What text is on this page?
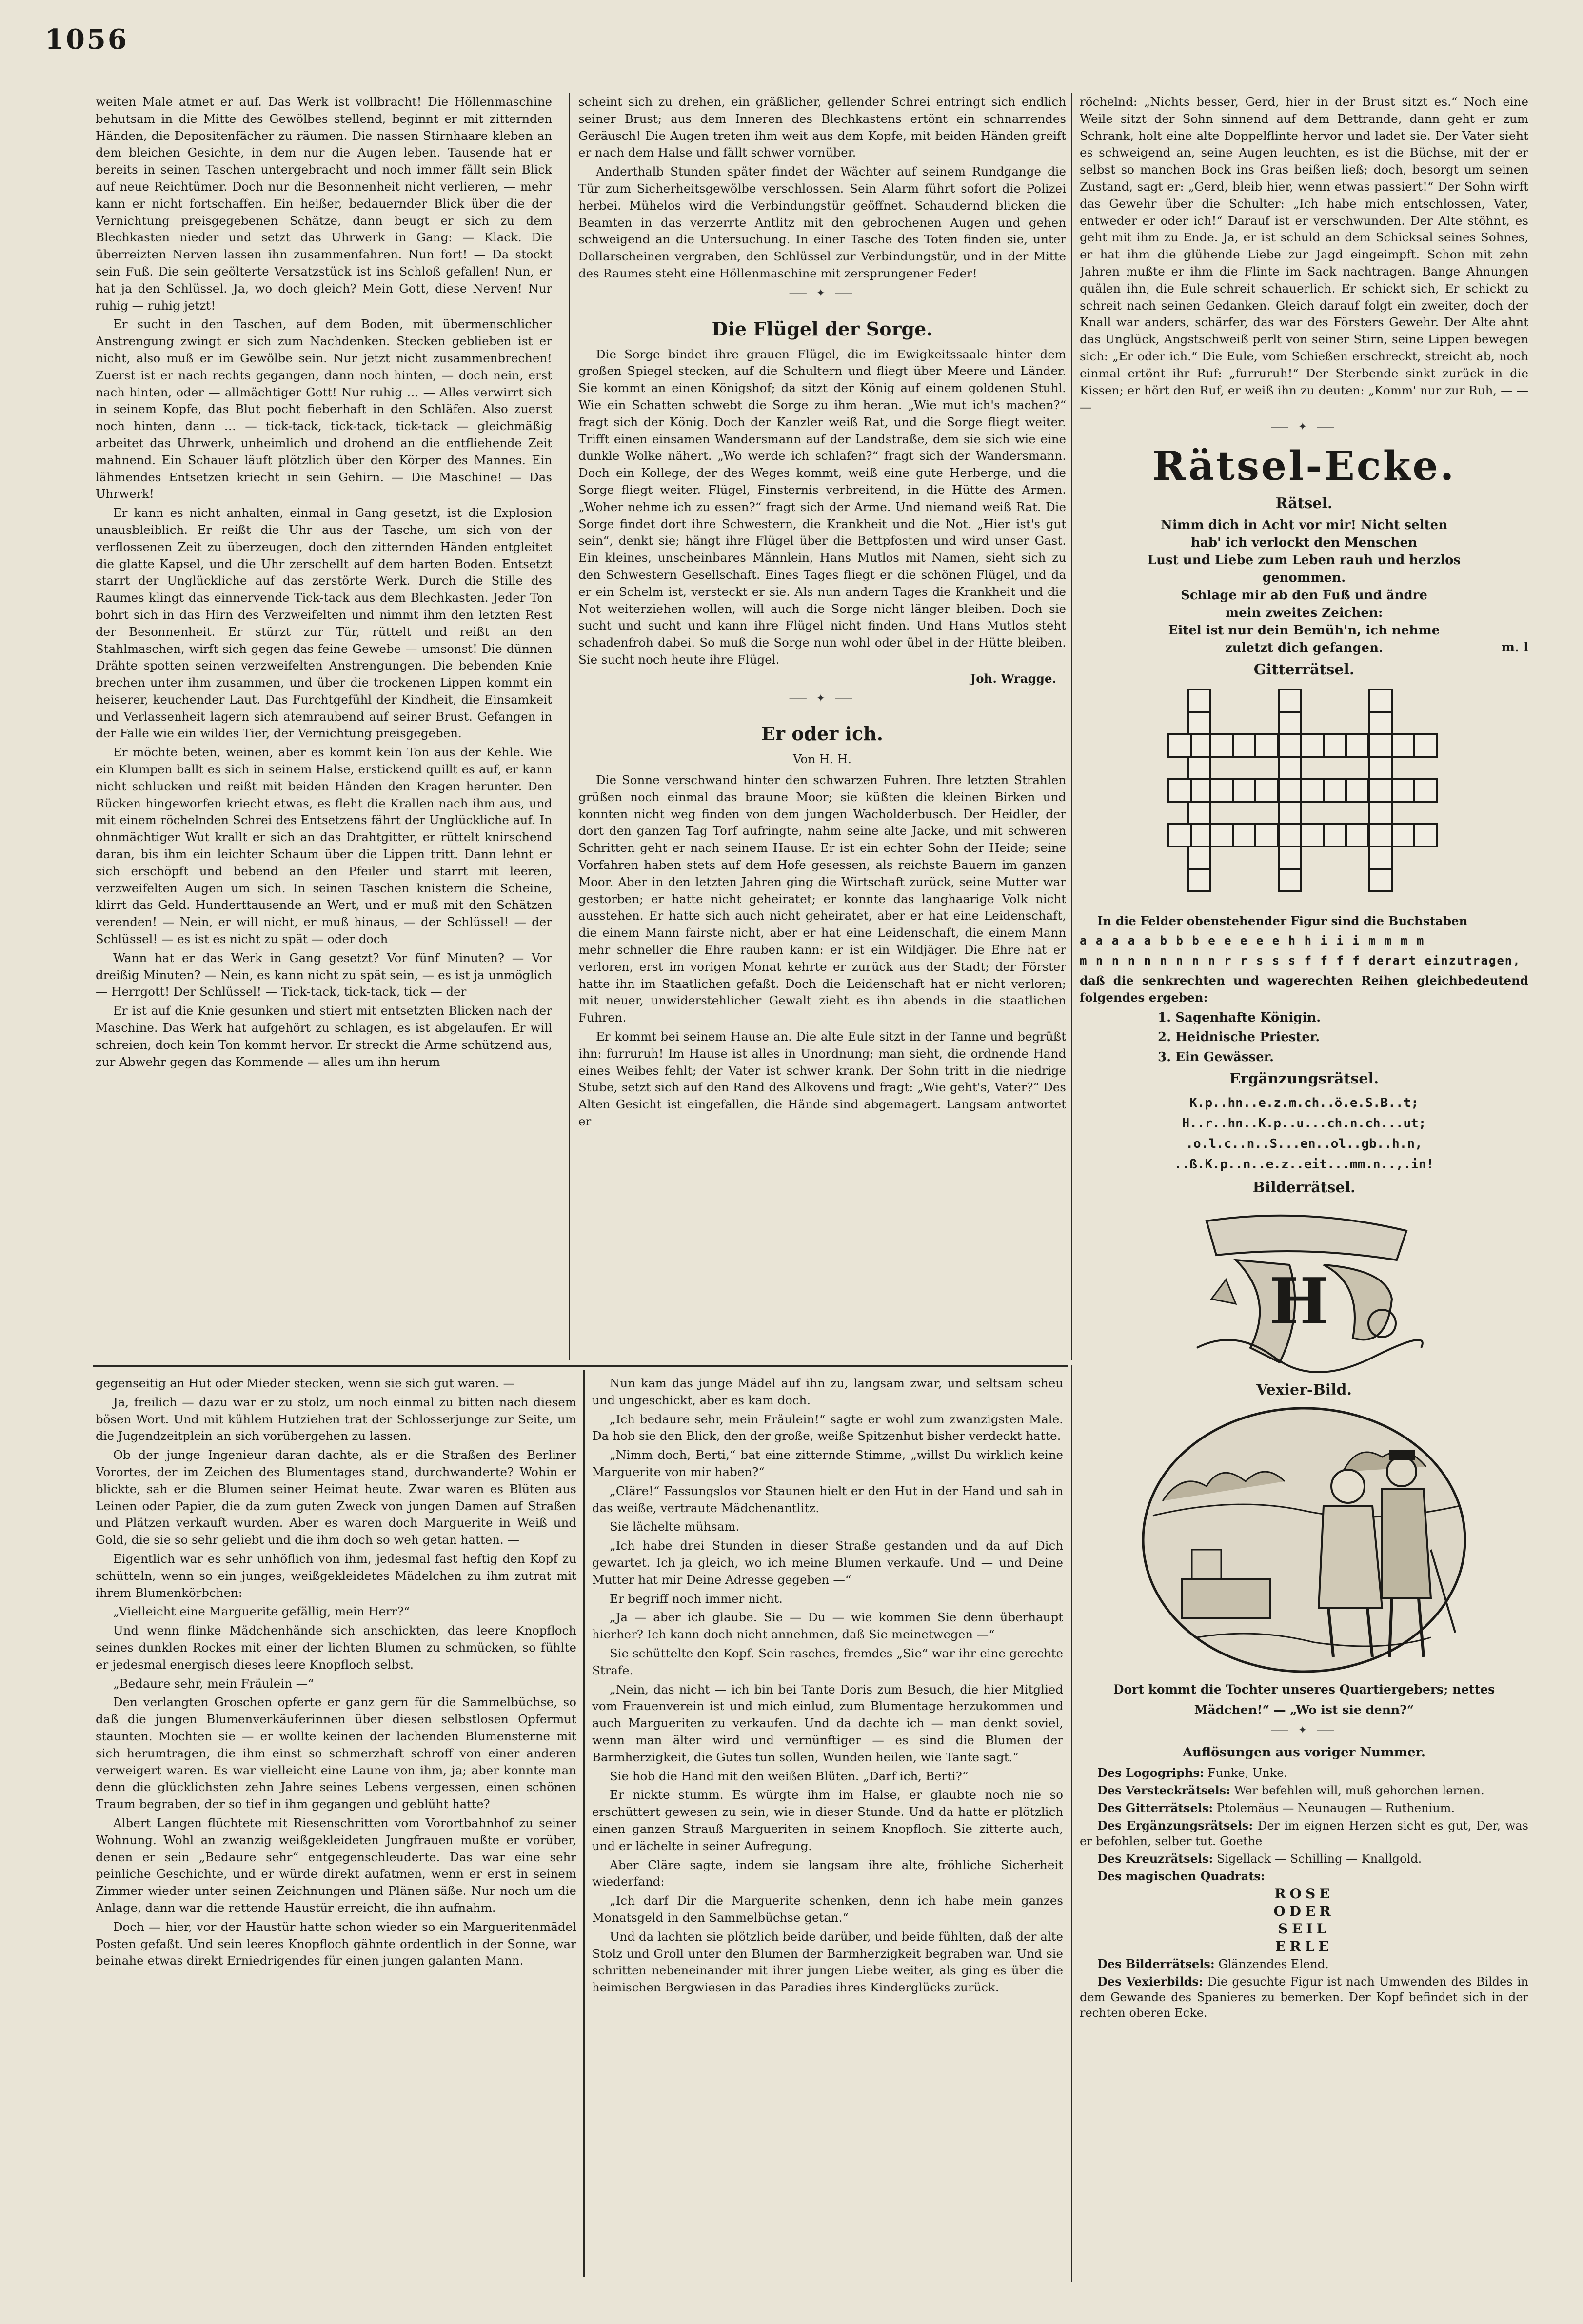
1056

weiten Male atmet er auf. Das Werk ist vollbracht! Die Höllenmaschine behutsam in die Mitte des Gewölbes stellend, beginnt er mit zitternden Händen, die Depositenfächer zu räumen. Die nassen Stirnhaare kleben an dem bleichen Gesichte, in dem nur die Augen leben. Tausende hat er bereits in seinen Taschen untergebracht und noch immer fällt sein Blick auf neue Reichtümer. Doch nur die Besonnenheit nicht verlieren, — mehr kann er nicht fortschaffen. Ein heißer, bedauernder Blick über die der Vernichtung preisgegebenen Schätze, dann beugt er sich zu dem Blechkasten nieder und setzt das Uhrwerk in Gang: — Klack. Die überreizten Nerven lassen ihn zusammenfahren. Nun fort! — Da stockt sein Fuß. Die sein geölterte Versatzstück ist ins Schloß gefallen! Nun, er hat ja den Schlüssel. Ja, wo doch gleich? Mein Gott, diese Nerven! Nur ruhig — ruhig jetzt!

Er sucht in den Taschen, auf dem Boden, mit übermenschlicher Anstrengung zwingt er sich zum Nachdenken. Stecken geblieben ist er nicht, also muß er im Gewölbe sein. Nur jetzt nicht zusammenbrechen! Zuerst ist er nach rechts gegangen, dann noch hinten, — doch nein, erst nach hinten, oder — allmächtiger Gott! Nur ruhig … — Alles verwirrt sich in seinem Kopfe, das Blut pocht fieberhaft in den Schläfen. Also zuerst noch hinten, dann … — tick-tack, tick-tack, tick-tack — gleichmäßig arbeitet das Uhrwerk, unheimlich und drohend an die entfliehende Zeit mahnend. Ein Schauer läuft plötzlich über den Körper des Mannes. Ein lähmendes Entsetzen kriecht in sein Gehirn. — Die Maschine! — Das Uhrwerk!

Er kann es nicht anhalten, einmal in Gang gesetzt, ist die Explosion unausbleiblich. Er reißt die Uhr aus der Tasche, um sich von der verflossenen Zeit zu überzeugen, doch den zitternden Händen entgleitet die glatte Kapsel, und die Uhr zerschellt auf dem harten Boden. Entsetzt starrt der Unglückliche auf das zerstörte Werk. Durch die Stille des Raumes klingt das einnervende Tick-tack aus dem Blechkasten. Jeder Ton bohrt sich in das Hirn des Verzweifelten und nimmt ihm den letzten Rest der Besonnenheit. Er stürzt zur Tür, rüttelt und reißt an den Stahlmaschen, wirft sich gegen das feine Gewebe — umsonst! Die dünnen Drähte spotten seinen verzweifelten Anstrengungen. Die bebenden Knie brechen unter ihm zusammen, und über die trockenen Lippen kommt ein heiserer, keuchender Laut. Das Furchtgefühl der Kindheit, die Einsamkeit und Verlassenheit lagern sich atemraubend auf seiner Brust. Gefangen in der Falle wie ein wildes Tier, der Vernichtung preisgegeben.

Er möchte beten, weinen, aber es kommt kein Ton aus der Kehle. Wie ein Klumpen ballt es sich in seinem Halse, erstickend quillt es auf, er kann nicht schlucken und reißt mit beiden Händen den Kragen herunter. Den Rücken hingeworfen kriecht etwas, es fleht die Krallen nach ihm aus, und mit einem röchelnden Schrei des Entsetzens fährt der Unglückliche auf. In ohnmächtiger Wut krallt er sich an das Drahtgitter, er rüttelt knirschend daran, bis ihm ein leichter Schaum über die Lippen tritt. Dann lehnt er sich erschöpft und bebend an den Pfeiler und starrt mit leeren, verzweifelten Augen um sich. In seinen Taschen knistern die Scheine, klirrt das Geld. Hunderttausende an Wert, und er muß mit den Schätzen verenden! — Nein, er will nicht, er muß hinaus, — der Schlüssel! — der Schlüssel! — es ist es nicht zu spät — oder doch

Wann hat er das Werk in Gang gesetzt? Vor fünf Minuten? — Vor dreißig Minuten? — Nein, es kann nicht zu spät sein, — es ist ja unmöglich — Herrgott! Der Schlüssel! — Tick-tack, tick-tack, tick — der

Er ist auf die Knie gesunken und stiert mit entsetzten Blicken nach der Maschine. Das Werk hat aufgehört zu schlagen, es ist abgelaufen. Er will schreien, doch kein Ton kommt hervor. Er streckt die Arme schützend aus, zur Abwehr gegen das Kommende — alles um ihn herum

scheint sich zu drehen, ein gräßlicher, gellender Schrei entringt sich endlich seiner Brust; aus dem Inneren des Blechkastens ertönt ein schnarrendes Geräusch! Die Augen treten ihm weit aus dem Kopfe, mit beiden Händen greift er nach dem Halse und fällt schwer vornüber.

Anderthalb Stunden später findet der Wächter auf seinem Rundgange die Tür zum Sicherheitsgewölbe verschlossen. Sein Alarm führt sofort die Polizei herbei. Mühelos wird die Verbindungstür geöffnet. Schaudernd blicken die Beamten in das verzerrte Antlitz mit den gebrochenen Augen und gehen schweigend an die Untersuchung. In einer Tasche des Toten finden sie, unter Dollarscheinen vergraben, den Schlüssel zur Verbindungstür, und in der Mitte des Raumes steht eine Höllenmaschine mit zersprungener Feder!

⸺ ✦ ⸺
Die Flügel der Sorge.

Die Sorge bindet ihre grauen Flügel, die im Ewigkeitssaale hinter dem großen Spiegel stecken, auf die Schultern und fliegt über Meere und Länder. Sie kommt an einen Königshof; da sitzt der König auf einem goldenen Stuhl. Wie ein Schatten schwebt die Sorge zu ihm heran. „Wie mut ich's machen?“ fragt sich der König. Doch der Kanzler weiß Rat, und die Sorge fliegt weiter. Trifft einen einsamen Wandersmann auf der Landstraße, dem sie sich wie eine dunkle Wolke nähert. „Wo werde ich schlafen?“ fragt sich der Wandersmann. Doch ein Kollege, der des Weges kommt, weiß eine gute Herberge, und die Sorge fliegt weiter. Flügel, Finsternis verbreitend, in die Hütte des Armen. „Woher nehme ich zu essen?“ fragt sich der Arme. Und niemand weiß Rat. Die Sorge findet dort ihre Schwestern, die Krankheit und die Not. „Hier ist's gut sein“, denkt sie; hängt ihre Flügel über die Bettpfosten und wird unser Gast. Ein kleines, unscheinbares Männlein, Hans Mutlos mit Namen, sieht sich zu den Schwestern Gesellschaft. Eines Tages fliegt er die schönen Flügel, und da er ein Schelm ist, versteckt er sie. Als nun andern Tages die Krankheit und die Not weiterziehen wollen, will auch die Sorge nicht länger bleiben. Doch sie sucht und sucht und kann ihre Flügel nicht finden. Und Hans Mutlos steht schadenfroh dabei. So muß die Sorge nun wohl oder übel in der Hütte bleiben. Sie sucht noch heute ihre Flügel.

Joh. Wragge.
⸺ ✦ ⸺
Er oder ich.
Von H. H.

Die Sonne verschwand hinter den schwarzen Fuhren. Ihre letzten Strahlen grüßen noch einmal das braune Moor; sie küßten die kleinen Birken und konnten nicht weg finden von dem jungen Wacholderbusch. Der Heidler, der dort den ganzen Tag Torf aufringte, nahm seine alte Jacke, und mit schweren Schritten geht er nach seinem Hause. Er ist ein echter Sohn der Heide; seine Vorfahren haben stets auf dem Hofe gesessen, als reichste Bauern im ganzen Moor. Aber in den letzten Jahren ging die Wirtschaft zurück, seine Mutter war gestorben; er hatte nicht geheiratet; er konnte das langhaarige Volk nicht ausstehen. Er hatte sich auch nicht geheiratet, aber er hat eine Leidenschaft, die einem Mann fairste nicht, aber er hat eine Leidenschaft, die einem Mann mehr schneller die Ehre rauben kann: er ist ein Wildjäger. Die Ehre hat er verloren, erst im vorigen Monat kehrte er zurück aus der Stadt; der Förster hatte ihn im Staatlichen gefaßt. Doch die Leidenschaft hat er nicht verloren; mit neuer, unwiderstehlicher Gewalt zieht es ihn abends in die staatlichen Fuhren.

Er kommt bei seinem Hause an. Die alte Eule sitzt in der Tanne und begrüßt ihn: furruruh! Im Hause ist alles in Unordnung; man sieht, die ordnende Hand eines Weibes fehlt; der Vater ist schwer krank. Der Sohn tritt in die niedrige Stube, setzt sich auf den Rand des Alkovens und fragt: „Wie geht's, Vater?“ Des Alten Gesicht ist eingefallen, die Hände sind abgemagert. Langsam antwortet er

röchelnd: „Nichts besser, Gerd, hier in der Brust sitzt es.“ Noch eine Weile sitzt der Sohn sinnend auf dem Bettrande, dann geht er zum Schrank, holt eine alte Doppelflinte hervor und ladet sie. Der Vater sieht es schweigend an, seine Augen leuchten, es ist die Büchse, mit der er selbst so manchen Bock ins Gras beißen ließ; doch, besorgt um seinen Zustand, sagt er: „Gerd, bleib hier, wenn etwas passiert!“ Der Sohn wirft das Gewehr über die Schulter: „Ich habe mich entschlossen, Vater, entweder er oder ich!“ Darauf ist er verschwunden. Der Alte stöhnt, es geht mit ihm zu Ende. Ja, er ist schuld an dem Schicksal seines Sohnes, er hat ihm die glühende Liebe zur Jagd eingeimpft. Schon mit zehn Jahren mußte er ihm die Flinte im Sack nachtragen. Bange Ahnungen quälen ihn, die Eule schreit schauerlich. Er schickt sich, Er schickt zu schreit nach seinen Gedanken. Gleich darauf folgt ein zweiter, doch der Knall war anders, schärfer, das war des Försters Gewehr. Der Alte ahnt das Unglück, Angstschweiß perlt von seiner Stirn, seine Lippen bewegen sich: „Er oder ich.“ Die Eule, vom Schießen erschreckt, streicht ab, noch einmal ertönt ihr Ruf: „furruruh!“ Der Sterbende sinkt zurück in die Kissen; er hört den Ruf, er weiß ihn zu deuten: „Komm' nur zur Ruh, — — —

⸺ ✦ ⸺
Rätsel-Ecke.
Rätsel.
Nimm dich in Acht vor mir! Nicht selten
hab' ich verlockt den Menschen
Lust und Liebe zum Leben rauh und herzlos
genommen.
Schlage mir ab den Fuß und ändre
mein zweites Zeichen:
Eitel ist nur dein Bemüh'n, ich nehme
zuletzt dich gefangen.	m. l
Gitterrätsel.

In die Felder obenstehender Figur sind die Buchstaben

a a a a a b b b e e e e e h h i i i m m m m
m n n n n n n n n r r s s s f f f f derart einzutragen,

daß die senkrechten und wagerechten Reihen gleichbedeutend folgendes ergeben:

1. Sagenhafte Königin.
2. Heidnische Priester.
3. Ein Gewässer.
Ergänzungsrätsel.
K.p..hn..e.z.m.ch..ö.e.S.B..t;
H..r..hn..K.p..u...ch.n.ch...ut;
.o.l.c..n..S...en..ol..gb..h.n,
..ß.K.p..n..e.z..eit...mm.n..,.in!
Bilderrätsel.
H
Vexier-Bild.
Dort kommt die Tochter unseres Quartiergebers; nettes
Mädchen!“ — „Wo ist sie denn?“
⸺ ✦ ⸺
Auflösungen aus voriger Nummer.

Des Logogriphs: Funke, Unke.

Des Versteckrätsels: Wer befehlen will, muß gehorchen lernen.

Des Gitterrätsels: Ptolemäus — Neunaugen — Ruthenium.

Des Ergänzungsrätsels: Der im eignen Herzen sicht es gut, Der, was er befohlen, selber tut. Goethe

Des Kreuzrätsels: Sigellack — Schilling — Knallgold.

Des magischen Quadrats:

ROSE
ODER
SEIL
ERLE

Des Bilderrätsels: Glänzendes Elend.

Des Vexierbilds: Die gesuchte Figur ist nach Umwenden des Bildes in dem Gewande des Spanieres zu bemerken. Der Kopf befindet sich in der rechten oberen Ecke.

gegenseitig an Hut oder Mieder stecken, wenn sie sich gut waren. —

Ja, freilich — dazu war er zu stolz, um noch einmal zu bitten nach diesem bösen Wort. Und mit kühlem Hutziehen trat der Schlosserjunge zur Seite, um die Jugendzeitplein an sich vorübergehen zu lassen.

Ob der junge Ingenieur daran dachte, als er die Straßen des Berliner Vorortes, der im Zeichen des Blumentages stand, durchwanderte? Wohin er blickte, sah er die Blumen seiner Heimat heute. Zwar waren es Blüten aus Leinen oder Papier, die da zum guten Zweck von jungen Damen auf Straßen und Plätzen verkauft wurden. Aber es waren doch Marguerite in Weiß und Gold, die sie so sehr geliebt und die ihm doch so weh getan hatten. —

Eigentlich war es sehr unhöflich von ihm, jedesmal fast heftig den Kopf zu schütteln, wenn so ein junges, weißgekleidetes Mädelchen zu ihm zutrat mit ihrem Blumenkörbchen:

„Vielleicht eine Marguerite gefällig, mein Herr?“

Und wenn flinke Mädchenhände sich anschickten, das leere Knopfloch seines dunklen Rockes mit einer der lichten Blumen zu schmücken, so fühlte er jedesmal energisch dieses leere Knopfloch selbst.

„Bedaure sehr, mein Fräulein —“

Den verlangten Groschen opferte er ganz gern für die Sammelbüchse, so daß die jungen Blumenverkäuferinnen über diesen selbstlosen Opfermut staunten. Mochten sie — er wollte keinen der lachenden Blumensterne mit sich herumtragen, die ihm einst so schmerzhaft schroff von einer anderen verweigert waren. Es war vielleicht eine Laune von ihm, ja; aber konnte man denn die glücklichsten zehn Jahre seines Lebens vergessen, einen schönen Traum begraben, der so tief in ihm gegangen und geblüht hatte?

Albert Langen flüchtete mit Riesenschritten vom Vorortbahnhof zu seiner Wohnung. Wohl an zwanzig weißgekleideten Jungfrauen mußte er vorüber, denen er sein „Bedaure sehr“ entgegenschleuderte. Das war eine sehr peinliche Geschichte, und er würde direkt aufatmen, wenn er erst in seinem Zimmer wieder unter seinen Zeichnungen und Plänen säße. Nur noch um die Anlage, dann war die rettende Haustür erreicht, die ihn aufnahm.

Doch — hier, vor der Haustür hatte schon wieder so ein Margueritenmädel Posten gefaßt. Und sein leeres Knopfloch gähnte ordentlich in der Sonne, war beinahe etwas direkt Erniedrigendes für einen jungen galanten Mann.

Nun kam das junge Mädel auf ihn zu, langsam zwar, und seltsam scheu und ungeschickt, aber es kam doch.

„Ich bedaure sehr, mein Fräulein!“ sagte er wohl zum zwanzigsten Male. Da hob sie den Blick, den der große, weiße Spitzenhut bisher verdeckt hatte.

„Nimm doch, Berti,“ bat eine zitternde Stimme, „willst Du wirklich keine Marguerite von mir haben?“

„Cläre!“ Fassungslos vor Staunen hielt er den Hut in der Hand und sah in das weiße, vertraute Mädchenantlitz.

Sie lächelte mühsam.

„Ich habe drei Stunden in dieser Straße gestanden und da auf Dich gewartet. Ich ja gleich, wo ich meine Blumen verkaufe. Und — und Deine Mutter hat mir Deine Adresse gegeben —“

Er begriff noch immer nicht.

„Ja — aber ich glaube. Sie — Du — wie kommen Sie denn überhaupt hierher? Ich kann doch nicht annehmen, daß Sie meinetwegen —“

Sie schüttelte den Kopf. Sein rasches, fremdes „Sie“ war ihr eine gerechte Strafe.

„Nein, das nicht — ich bin bei Tante Doris zum Besuch, die hier Mitglied vom Frauenverein ist und mich einlud, zum Blumentage herzukommen und auch Margueriten zu verkaufen. Und da dachte ich — man denkt soviel, wenn man älter wird und vernünftiger — es sind die Blumen der Barmherzigkeit, die Gutes tun sollen, Wunden heilen, wie Tante sagt.“

Sie hob die Hand mit den weißen Blüten. „Darf ich, Berti?“

Er nickte stumm. Es würgte ihm im Halse, er glaubte noch nie so erschüttert gewesen zu sein, wie in dieser Stunde. Und da hatte er plötzlich einen ganzen Strauß Margueriten in seinem Knopfloch. Sie zitterte auch, und er lächelte in seiner Aufregung.

Aber Cläre sagte, indem sie langsam ihre alte, fröhliche Sicherheit wiederfand:

„Ich darf Dir die Marguerite schenken, denn ich habe mein ganzes Monatsgeld in den Sammelbüchse getan.“

Und da lachten sie plötzlich beide darüber, und beide fühlten, daß der alte Stolz und Groll unter den Blumen der Barmherzigkeit begraben war. Und sie schritten nebeneinander mit ihrer jungen Liebe weiter, als ging es über die heimischen Bergwiesen in das Paradies ihres Kinderglücks zurück.
